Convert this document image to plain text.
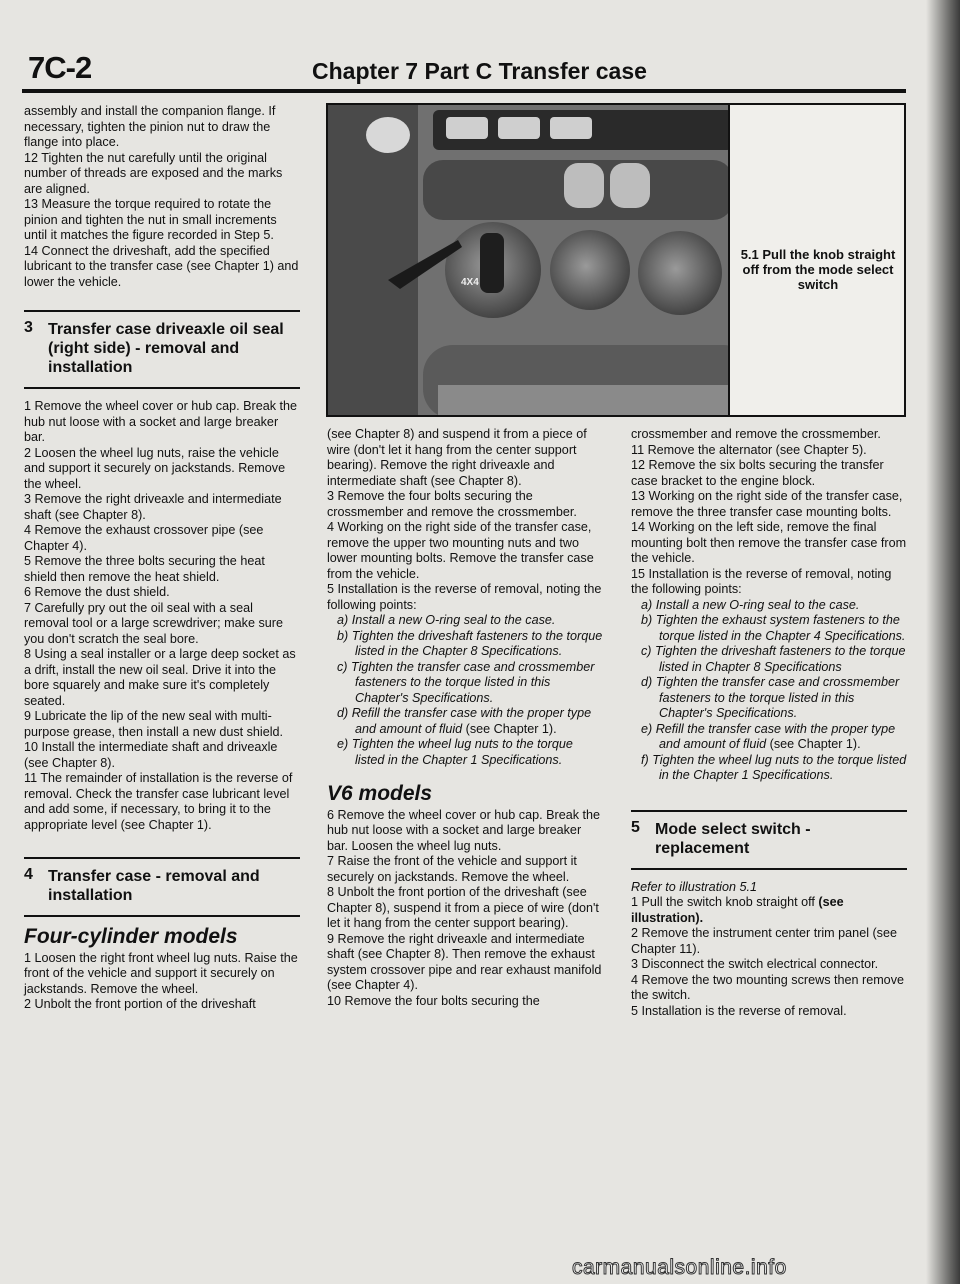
7C-2	Chapter 7 Part C Transfer case
4X4
5.1 Pull the knob straight off from the mode select switch

assembly and install the companion flange. If necessary, tighten the pinion nut to draw the flange into place.

12 Tighten the nut carefully until the original number of threads are exposed and the marks are aligned.

13 Measure the torque required to rotate the pinion and tighten the nut in small increments until it matches the figure recorded in Step 5.

14 Connect the driveshaft, add the specified lubricant to the transfer case (see Chapter 1) and lower the vehicle.

3 Transfer case driveaxle oil seal (right side) - removal and installation

1 Remove the wheel cover or hub cap. Break the hub nut loose with a socket and large breaker bar.

2 Loosen the wheel lug nuts, raise the vehicle and support it securely on jackstands. Remove the wheel.

3 Remove the right driveaxle and intermediate shaft (see Chapter 8).

4 Remove the exhaust crossover pipe (see Chapter 4).

5 Remove the three bolts securing the heat shield then remove the heat shield.

6 Remove the dust shield.

7 Carefully pry out the oil seal with a seal removal tool or a large screwdriver; make sure you don't scratch the seal bore.

8 Using a seal installer or a large deep socket as a drift, install the new oil seal. Drive it into the bore squarely and make sure it's completely seated.

9 Lubricate the lip of the new seal with multi-purpose grease, then install a new dust shield.

10 Install the intermediate shaft and driveaxle (see Chapter 8).

11 The remainder of installation is the reverse of removal. Check the transfer case lubricant level and add some, if necessary, to bring it to the appropriate level (see Chapter 1).

4 Transfer case - removal and installation
Four-cylinder models

1 Loosen the right front wheel lug nuts. Raise the front of the vehicle and support it securely on jackstands. Remove the wheel.

2 Unbolt the front portion of the driveshaft

(see Chapter 8) and suspend it from a piece of wire (don't let it hang from the center support bearing). Remove the right driveaxle and intermediate shaft (see Chapter 8).

3 Remove the four bolts securing the crossmember and remove the crossmember.

4 Working on the right side of the transfer case, remove the upper two mounting nuts and two lower mounting bolts. Remove the transfer case from the vehicle.

5 Installation is the reverse of removal, noting the following points:

a) Install a new O-ring seal to the case.

b) Tighten the driveshaft fasteners to the torque listed in the Chapter 8 Specifications.

c) Tighten the transfer case and crossmember fasteners to the torque listed in this Chapter's Specifications.

d) Refill the transfer case with the proper type and amount of fluid (see Chapter 1).

e) Tighten the wheel lug nuts to the torque listed in the Chapter 1 Specifications.

V6 models

6 Remove the wheel cover or hub cap. Break the hub nut loose with a socket and large breaker bar. Loosen the wheel lug nuts.

7 Raise the front of the vehicle and support it securely on jackstands. Remove the wheel.

8 Unbolt the front portion of the driveshaft (see Chapter 8), suspend it from a piece of wire (don't let it hang from the center support bearing).

9 Remove the right driveaxle and intermediate shaft (see Chapter 8). Then remove the exhaust system crossover pipe and rear exhaust manifold (see Chapter 4).

10 Remove the four bolts securing the

crossmember and remove the crossmember.

11 Remove the alternator (see Chapter 5).

12 Remove the six bolts securing the transfer case bracket to the engine block.

13 Working on the right side of the transfer case, remove the three transfer case mounting bolts.

14 Working on the left side, remove the final mounting bolt then remove the transfer case from the vehicle.

15 Installation is the reverse of removal, noting the following points:

a) Install a new O-ring seal to the case.

b) Tighten the exhaust system fasteners to the torque listed in the Chapter 4 Specifications.

c) Tighten the driveshaft fasteners to the torque listed in Chapter 8 Specifications

d) Tighten the transfer case and crossmember fasteners to the torque listed in this Chapter's Specifications.

e) Refill the transfer case with the proper type and amount of fluid (see Chapter 1).

f) Tighten the wheel lug nuts to the torque listed in the Chapter 1 Specifications.

5 Mode select switch - replacement

Refer to illustration 5.1

1 Pull the switch knob straight off (see illustration).

2 Remove the instrument center trim panel (see Chapter 11).

3 Disconnect the switch electrical connector.

4 Remove the two mounting screws then remove the switch.

5 Installation is the reverse of removal.

carmanualsonline.info
